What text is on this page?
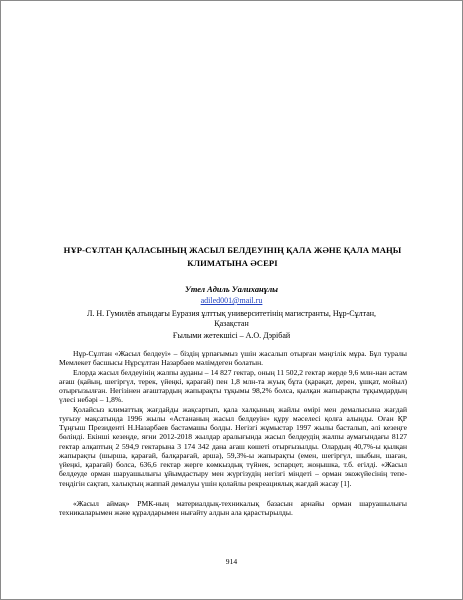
НҰР-СҰЛТАН ҚАЛАСЫНЫҢ ЖАСЫЛ БЕЛДЕУІНІҢ ҚАЛА ЖӘНЕ ҚАЛА МАҢЫ КЛИМАТЫНА ӘСЕРІ

Утел Адиль Уалиханұлы

adiled001@mail.ru

Л. Н. Гумилёв атындағы Еуразия ұлттық университетінің магистранты, Нұр-Сұлтан,

Қазақстан

Ғылыми жетекшісі – А.О. Дэрібай

Нұр-Сұлтан «Жасыл белдеуі» – біздің ұрпағымыз үшін жасалып отырған мәңгілік мұра. Бұл туралы Мемлекет басшысы Нұрсұлтан Назарбаев мәлімдеген болатын.

Елорда жасыл белдеуінің жалпы ауданы – 14 827 гектар, оның 11 502,2 гектар жерде 9,6 млн-нан астам ағаш (қайың, шегіргүл, терек, үйеңкі, қарағай) пен 1,8 млн-та жуық бұта (қарақат, дерен, ұшқат, мойыл) отырғызылған. Негізінен ағаштардың жапырақты тұқымы 98,2% болса, қылқан жапырақты тұқымдардың үлесі небәрі – 1,8%.

Қолайсыз климаттық жағдайды жақсартып, қала халқының жайлы өмірі мен демалысына жағдай туғызу мақсатында 1996 жылы «Астананың жасыл белдеуін» құру мәселесі қолға алынды. Оған ҚР Тұңғыш Президенті Н.Назарбаев бастамашы болды. Негізгі жұмыстар 1997 жылы басталып, әлі кезеңге бөлінді. Екінші кезеңде, яғни 2012-2018 жылдар аралығында жасыл белдеудің жалпы аумағындағы 8127 гектар алқаптың 2 594,9 гектарына 3 174 342 дана ағаш көшеті отырғызылды. Олардың 40,7%-ы қылқан жапырақты (шырша, қарағай, балқарағай, арша), 59,3%-ы жапырақты (емен, шегіргүл, шыбын, шаған, үйеңкі, қарағай) болса, 636,6 гектар жерге көмкыздық түйнек, эспарцет, жоңышка, т.б. егілді. «Жасыл белдеуде орман шаруашылығы ұйымдастыру мен жүргізудің негізгі міндеті – орман экожүйесінің тепе-теңдігін сақтап, халықтың жаппай демалуы үшін қолайлы рекреациялық жағдай жасау [1].

«Жасыл аймақ» РМК-ның материалдық-техникалық базасын арнайы орман шаруашылығы техникаларымен және құралдарымен нығайту алдын ала қарастырылды.

914
